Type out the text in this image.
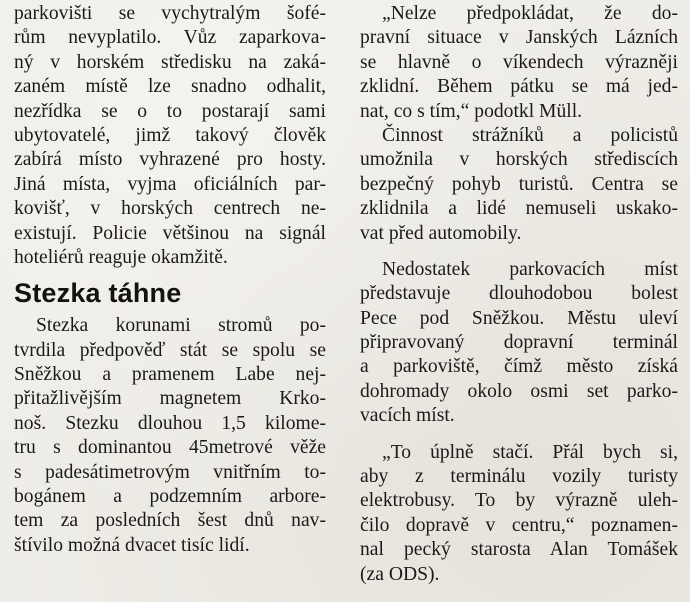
parkovišti se vychytralým šofé-
rům nevyplatilo. Vůz zaparkova-
ný v horském středisku na zaká-
zaném místě lze snadno odhalit,
nezřídka se o to postarají sami
ubytovatelé, jimž takový člověk
zabírá místo vyhrazené pro hosty.
Jiná místa, vyjma oficiálních par-
kovišť, v horských centrech ne-
existují. Policie většinou na signál
hoteliérů reaguje okamžitě.

Stezka táhne

Stezka korunami stromů po-
tvrdila předpověď stát se spolu se
Sněžkou a pramenem Labe nej-
přitažlivějším magnetem Krko-
noš. Stezku dlouhou 1,5 kilome-
tru s dominantou 45metrové věže
s padesátimetrovým vnitřním to-
bogánem a podzemním arbore-
tem za posledních šest dnů nav-
štívilo možná dvacet tisíc lidí.

„Nelze předpokládat, že do-
pravní situace v Janských Lázních
se hlavně o víkendech výrazněji
zklidní. Během pátku se má jed-
nat, co s tím,“ podotkl Müll.

Činnost strážníků a policistů
umožnila v horských střediscích
bezpečný pohyb turistů. Centra se
zklidnila a lidé nemuseli uskako-
vat před automobily.

Nedostatek parkovacích míst
představuje dlouhodobou bolest
Pece pod Sněžkou. Městu uleví
připravovaný dopravní terminál
a parkoviště, čímž město získá
dohromady okolo osmi set parko-
vacích míst.

„To úplně stačí. Přál bych si,
aby z terminálu vozily turisty
elektrobusy. To by výrazně uleh-
čilo dopravě v centru,“ poznamen-
nal pecký starosta Alan Tomášek
(za ODS).
